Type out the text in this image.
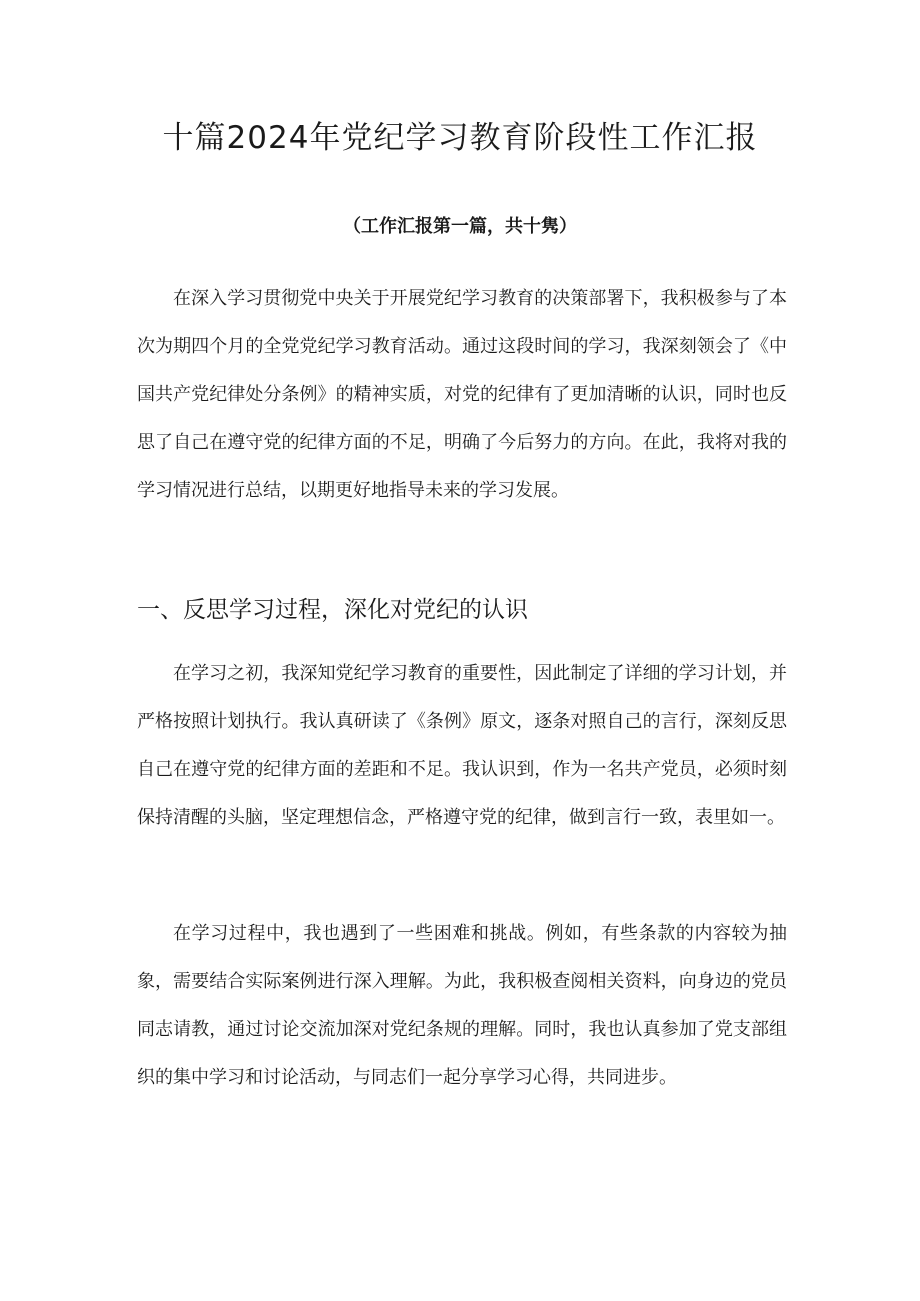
十篇2024年党纪学习教育阶段性工作汇报

（工作汇报第一篇，共十隽）

在深入学习贯彻党中央关于开展党纪学习教育的决策部署下，我积极参与了本次为期四个月的全党党纪学习教育活动。通过这段时间的学习，我深刻领会了《中国共产党纪律处分条例》的精神实质，对党的纪律有了更加清晰的认识，同时也反思了自己在遵守党的纪律方面的不足，明确了今后努力的方向。在此，我将对我的学习情况进行总结，以期更好地指导未来的学习发展。

一、反思学习过程，深化对党纪的认识

在学习之初，我深知党纪学习教育的重要性，因此制定了详细的学习计划，并严格按照计划执行。我认真研读了《条例》原文，逐条对照自己的言行，深刻反思自己在遵守党的纪律方面的差距和不足。我认识到，作为一名共产党员，必须时刻保持清醒的头脑，坚定理想信念，严格遵守党的纪律，做到言行一致，表里如一。

在学习过程中，我也遇到了一些困难和挑战。例如，有些条款的内容较为抽象，需要结合实际案例进行深入理解。为此，我积极查阅相关资料，向身边的党员同志请教，通过讨论交流加深对党纪条规的理解。同时，我也认真参加了党支部组织的集中学习和讨论活动，与同志们一起分享学习心得，共同进步。
